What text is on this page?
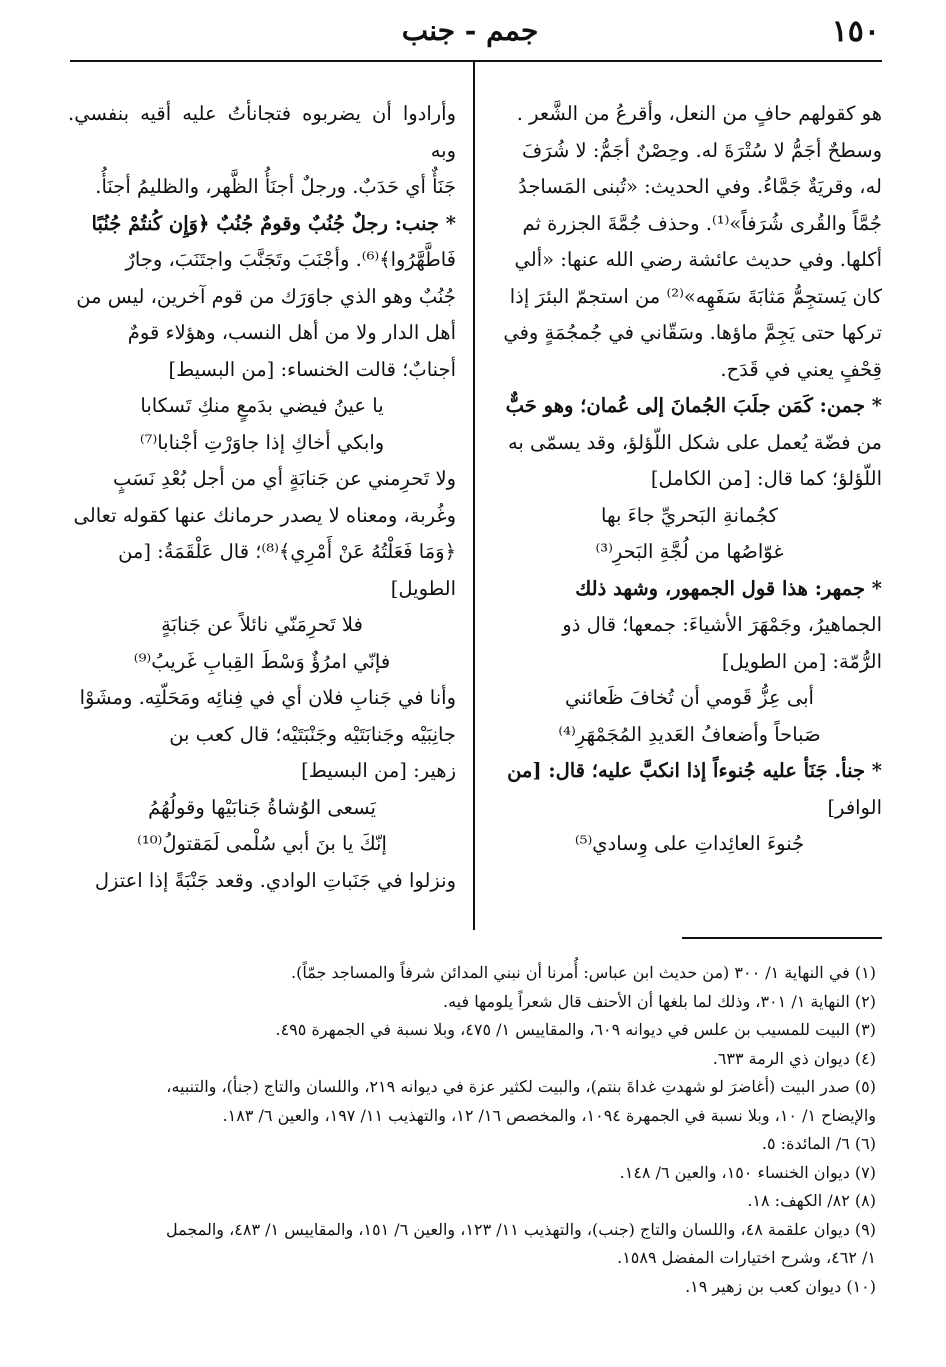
١٥٠
جمم - جنب

هو كقولهم حافٍ من النعل، وأقرعُ من الشَّعر .

وسطحٌ أجَمُّ لا سُتْرَةَ له. وحِصْنٌ أجَمُّ: لا شُرَفَ

له، وقريَةٌ جَمَّاءُ. وفي الحديث: «تُبنى المَساجدُ

جُمَّاً والقُرى شُرَفاً»⁽¹⁾. وحذف جُمَّةَ الجزرة ثم

أكلها. وفي حديث عائشة رضي الله عنها: «ألي

كان يَستجِمُّ مَثابَةَ سَفَهِه»⁽²⁾ من استجمّ البئرَ إذا

تركها حتى يَجِمَّ ماؤها. وسَقّاني في جُمجُمَةٍ وفي

قِحْفٍ يعني في قَدَح.

* جمن: كَمَن جلَبَ الجُمانَ إلى عُمان؛ وهو حَبٌّ

من فضّة يُعمل على شكل اللّؤلؤ، وقد يسمّى به

اللّؤلؤ؛ كما قال: [من الكامل]

كجُمانةِ البَحريِّ جاءَ بها

غوّاصُها من لُجَّةِ البَحرِ⁽³⁾

* جمهر: هذا قول الجمهور، وشهد ذلك

الجماهيرُ، وجَمْهَرَ الأشياءَ: جمعها؛ قال ذو

الرُّمّة: [من الطويل]

أبى عِزُّ قَومي أن تُخافَ ظَعائني

صَباحاً وأضعافُ العَديدِ المُجَمْهَرِ⁽⁴⁾

* جنأ. جَنَأ عليه جُنوءاً إذا انكبَّ عليه؛ قال: [من

الوافر]

جُنوءَ العائِداتِ على وِسادي⁽⁵⁾

وأرادوا أن يضربوه فتجانأتُ عليه أقيه بنفسي. وبه

جَنَأٌ أي حَدَبٌ. ورجلٌ أجنَأُ الظَّهر، والظليمُ أجنَأُ.

* جنب: رجلٌ جُنُبٌ وقومٌ جُنُبٌ ﴿وَإِن كُنتُمْ جُنُبًا

فَاطَّهَّرُوا﴾⁽⁶⁾. وأجْنَبَ وتَجَنَّبَ واجتَنَبَ، وجارٌ

جُنُبٌ وهو الذي جاوَرَك من قوم آخرين، ليس من

أهل الدار ولا من أهل النسب، وهؤلاء قومٌ

أجنابٌ؛ قالت الخنساء: [من البسيط]

يا عينُ فيضي بدَمعٍ منكِ تَسكابا

وابكي أخاكِ إذا جاوَرْتِ أجْنابا⁽⁷⁾

ولا تَحرِمني عن جَنابَةٍ أي من أجل بُعْدِ نَسَبٍ

وغُربة، ومعناه لا يصدر حرمانك عنها كقوله تعالى

﴿وَمَا فَعَلْتُهُ عَنْ أَمْرِي﴾⁽⁸⁾؛ قال عَلْقَمَةُ: [من

الطويل]

فلا تَحرِمَنّي نائلاً عن جَنابَةٍ

فإنّي امرُؤٌ وَسْطَ القِبابِ غَريبُ⁽⁹⁾

وأنا في جَنابِ فلان أي في فِنائِه ومَحَلّتِه. ومشَوْا

جانِبَيْه وجَنابَتَيْه وجَنْبَتَيْه؛ قال كعب بن

زهير: [من البسيط]

يَسعى الوُشاةُ جَنابَيْها وقولُهُمُ

إنّكَ يا بنَ أبي سُلْمى لَمَقتولُ⁽¹⁰⁾

ونزلوا في جَنَباتِ الوادي. وقعد جَنْبَةً إذا اعتزل

(١) في النهاية ١/ ٣٠٠ (من حديث ابن عباس: أُمرنا أن نبني المدائن شرفاً والمساجد جمّاً).

(٢) النهاية ١/ ٣٠١، وذلك لما بلغها أن الأحنف قال شعراً يلومها فيه.

(٣) البيت للمسيب بن علس في ديوانه ٦٠٩، والمقاييس ١/ ٤٧٥، وبلا نسبة في الجمهرة ٤٩٥.

(٤) ديوان ذي الرمة ٦٣٣.

(٥) صدر البيت (أغاضرَ لو شهدتِ غداةَ بنتم)، والبيت لكثير عزة في ديوانه ٢١٩، واللسان والتاج (جنأ)، والتنبيه،

والإيضاح ١/ ١٠، وبلا نسبة في الجمهرة ١٠٩٤، والمخصص ١٦/ ١٢، والتهذيب ١١/ ١٩٧، والعين ٦/ ١٨٣.

(٦) ٦/ المائدة: ٥.

(٧) ديوان الخنساء ١٥٠، والعين ٦/ ١٤٨.

(٨) ٨٢/ الكهف: ١٨.

(٩) ديوان علقمة ٤٨، واللسان والتاج (جنب)، والتهذيب ١١/ ١٢٣، والعين ٦/ ١٥١، والمقاييس ١/ ٤٨٣، والمجمل

١/ ٤٦٢، وشرح اختيارات المفضل ١٥٨٩.

(١٠) ديوان كعب بن زهير ١٩.
